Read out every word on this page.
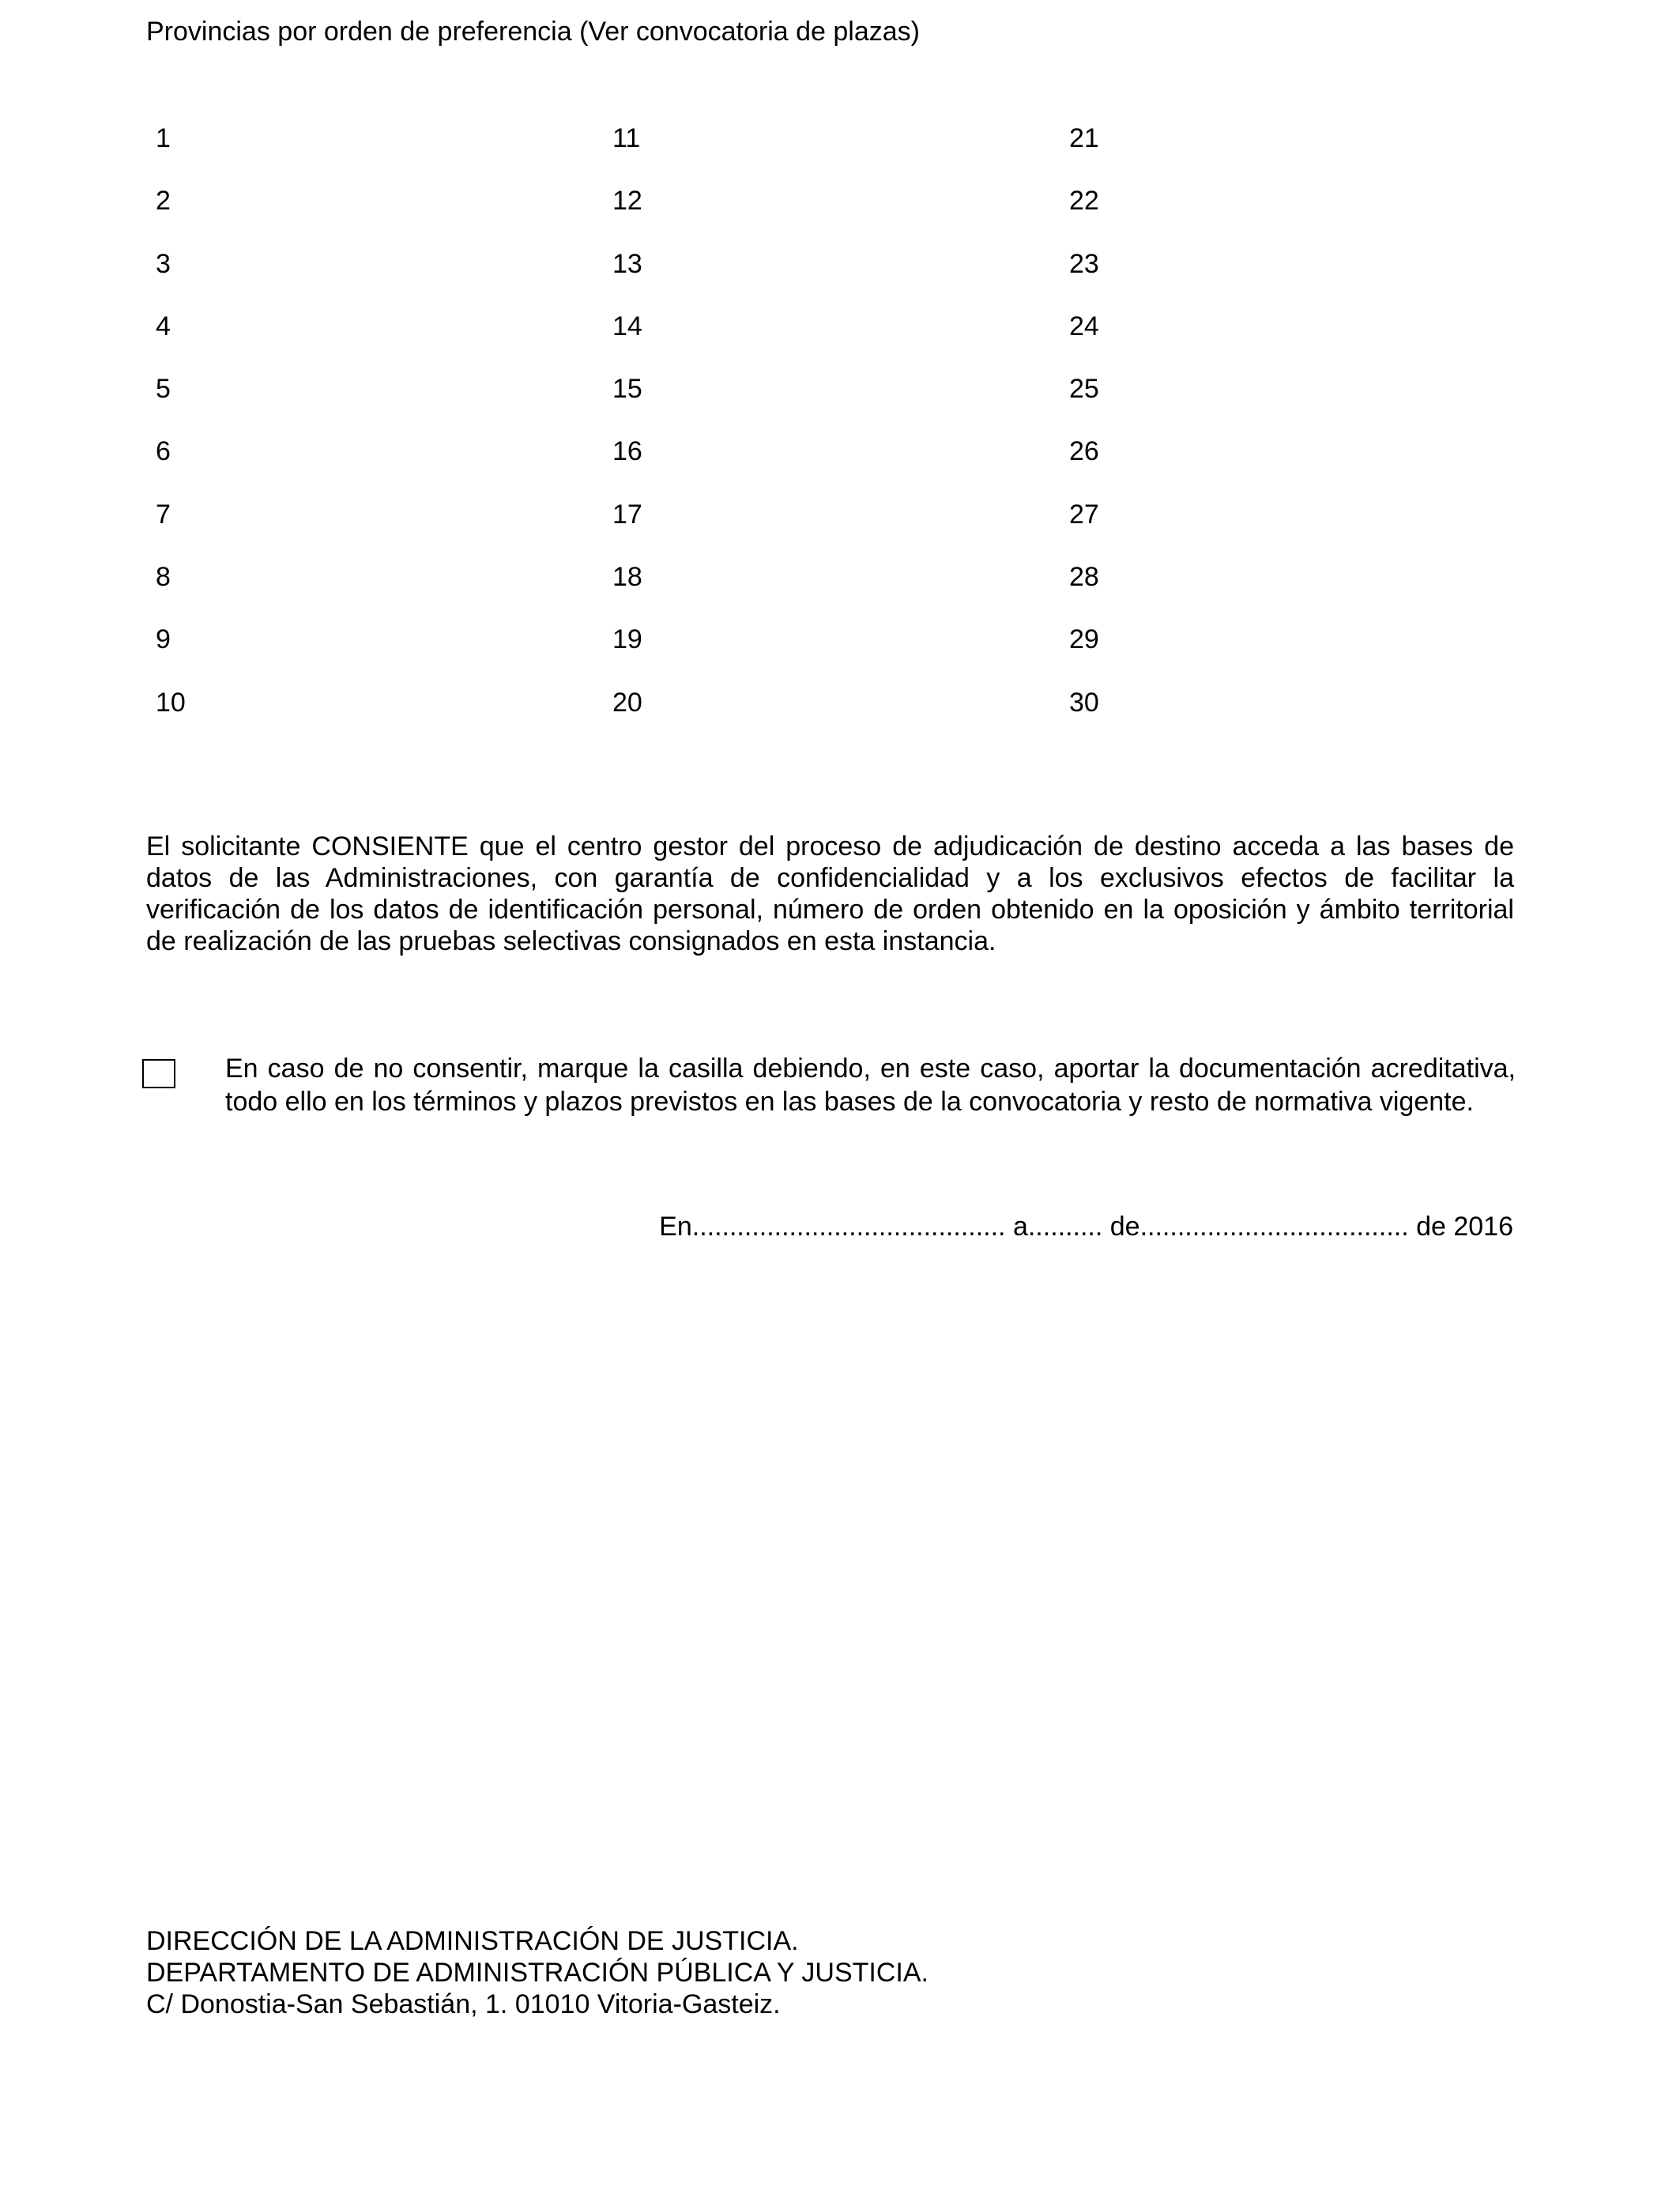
Provincias por orden de preferencia (Ver convocatoria de plazas)
1
2
3
4
5
6
7
8
9
10
11
12
13
14
15
16
17
18
19
20
21
22
23
24
25
26
27
28
29
30
El solicitante CONSIENTE que el centro gestor del proceso de adjudicación de destino acceda a las bases de datos de las Administraciones, con garantía de confidencialidad y a los exclusivos efectos de facilitar la verificación de los datos de identificación personal, número de orden obtenido en la oposición y ámbito territorial de realización de las pruebas selectivas consignados en esta instancia.
En caso de no consentir, marque la casilla debiendo, en este caso, aportar la documentación acreditativa, todo ello en los términos y plazos previstos en las bases de la convocatoria y resto de normativa vigente.
En.......................................... a.......... de.................................... de 2016
DIRECCIÓN DE LA ADMINISTRACIÓN DE JUSTICIA.
DEPARTAMENTO DE ADMINISTRACIÓN PÚBLICA Y JUSTICIA.
C/ Donostia-San Sebastián, 1. 01010 Vitoria-Gasteiz.
